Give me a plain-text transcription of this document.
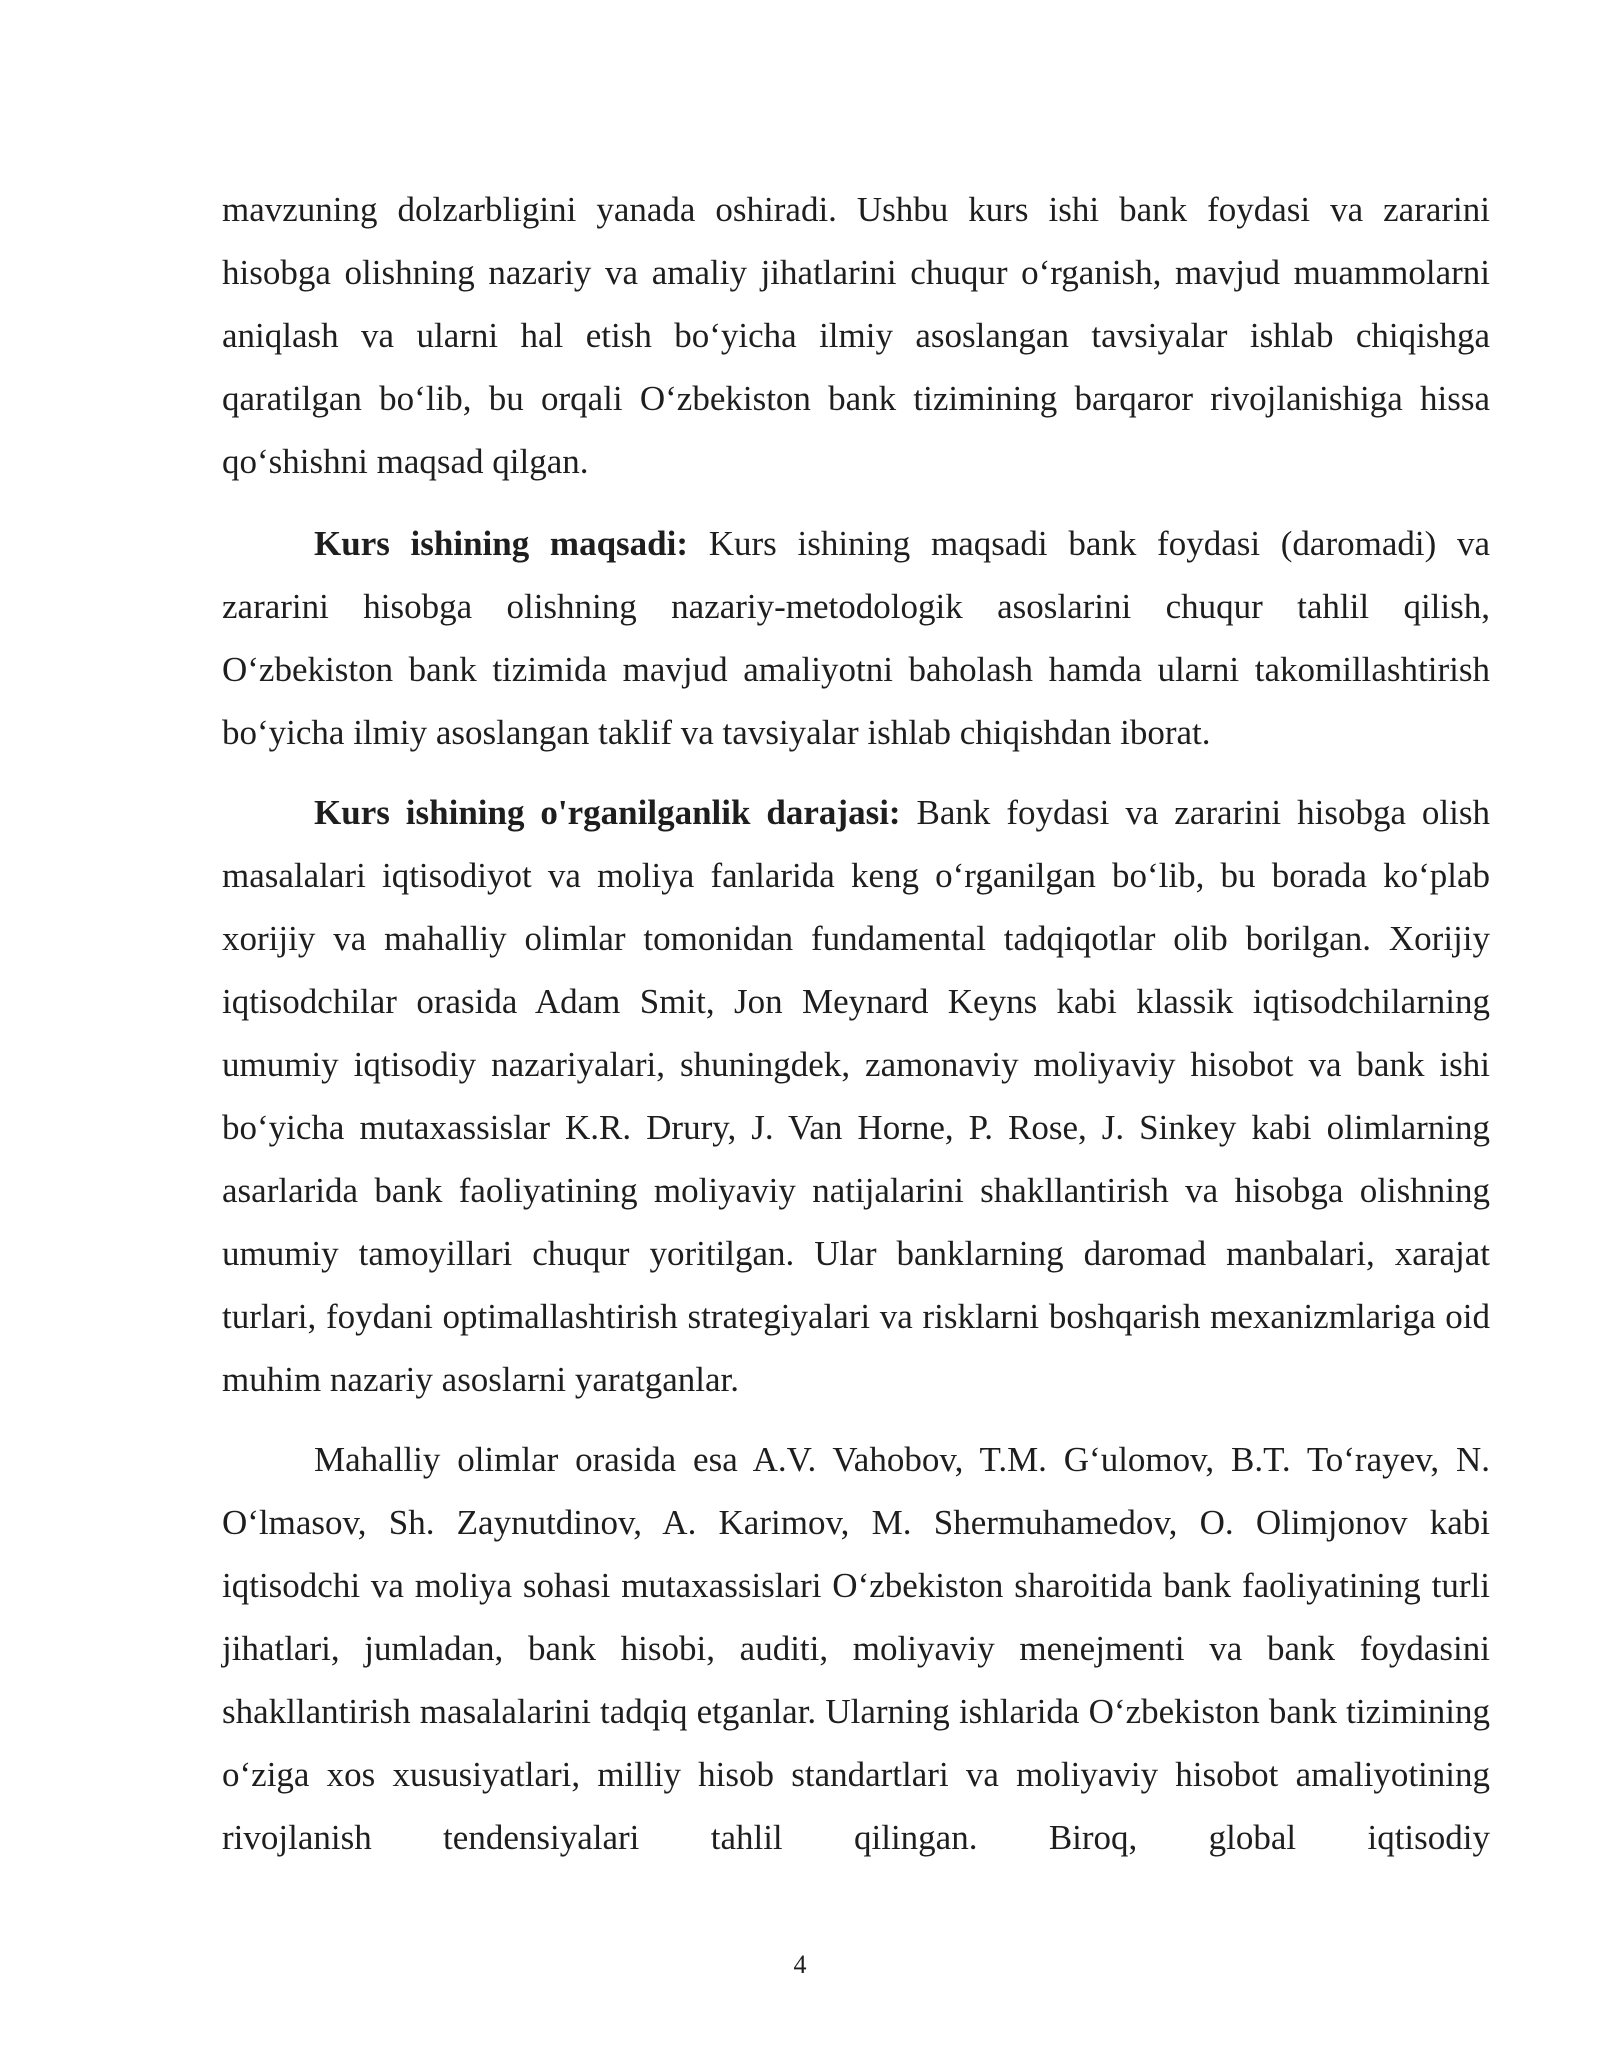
mavzuning dolzarbligini yanada oshiradi. Ushbu kurs ishi bank foydasi va zararini hisobga olishning nazariy va amaliy jihatlarini chuqur o‘rganish, mavjud muammolarni aniqlash va ularni hal etish bo‘yicha ilmiy asoslangan tavsiyalar ishlab chiqishga qaratilgan bo‘lib, bu orqali O‘zbekiston bank tizimining barqaror rivojlanishiga hissa qo‘shishni maqsad qilgan.

Kurs ishining maqsadi: Kurs ishining maqsadi bank foydasi (daromadi) va zararini hisobga olishning nazariy-metodologik asoslarini chuqur tahlil qilish, O‘zbekiston bank tizimida mavjud amaliyotni baholash hamda ularni takomillashtirish bo‘yicha ilmiy asoslangan taklif va tavsiyalar ishlab chiqishdan iborat.

Kurs ishining o'rganilganlik darajasi: Bank foydasi va zararini hisobga olish masalalari iqtisodiyot va moliya fanlarida keng o‘rganilgan bo‘lib, bu borada ko‘plab xorijiy va mahalliy olimlar tomonidan fundamental tadqiqotlar olib borilgan. Xorijiy iqtisodchilar orasida Adam Smit, Jon Meynard Keyns kabi klassik iqtisodchilarning umumiy iqtisodiy nazariyalari, shuningdek, zamonaviy moliyaviy hisobot va bank ishi bo‘yicha mutaxassislar K.R. Drury, J. Van Horne, P. Rose, J. Sinkey kabi olimlarning asarlarida bank faoliyatining moliyaviy natijalarini shakllantirish va hisobga olishning umumiy tamoyillari chuqur yoritilgan. Ular banklarning daromad manbalari, xarajat turlari, foydani optimallashtirish strategiyalari va risklarni boshqarish mexanizmlariga oid muhim nazariy asoslarni yaratganlar.

Mahalliy olimlar orasida esa A.V. Vahobov, T.M. G‘ulomov, B.T. To‘rayev, N. O‘lmasov, Sh. Zaynutdinov, A. Karimov, M. Shermuhamedov, O. Olimjonov kabi iqtisodchi va moliya sohasi mutaxassislari O‘zbekiston sharoitida bank faoliyatining turli jihatlari, jumladan, bank hisobi, auditi, moliyaviy menejmenti va bank foydasini shakllantirish masalalarini tadqiq etganlar. Ularning ishlarida O‘zbekiston bank tizimining o‘ziga xos xususiyatlari, milliy hisob standartlari va moliyaviy hisobot amaliyotining rivojlanish tendensiyalari tahlil qilingan. Biroq, global iqtisodiy

4
